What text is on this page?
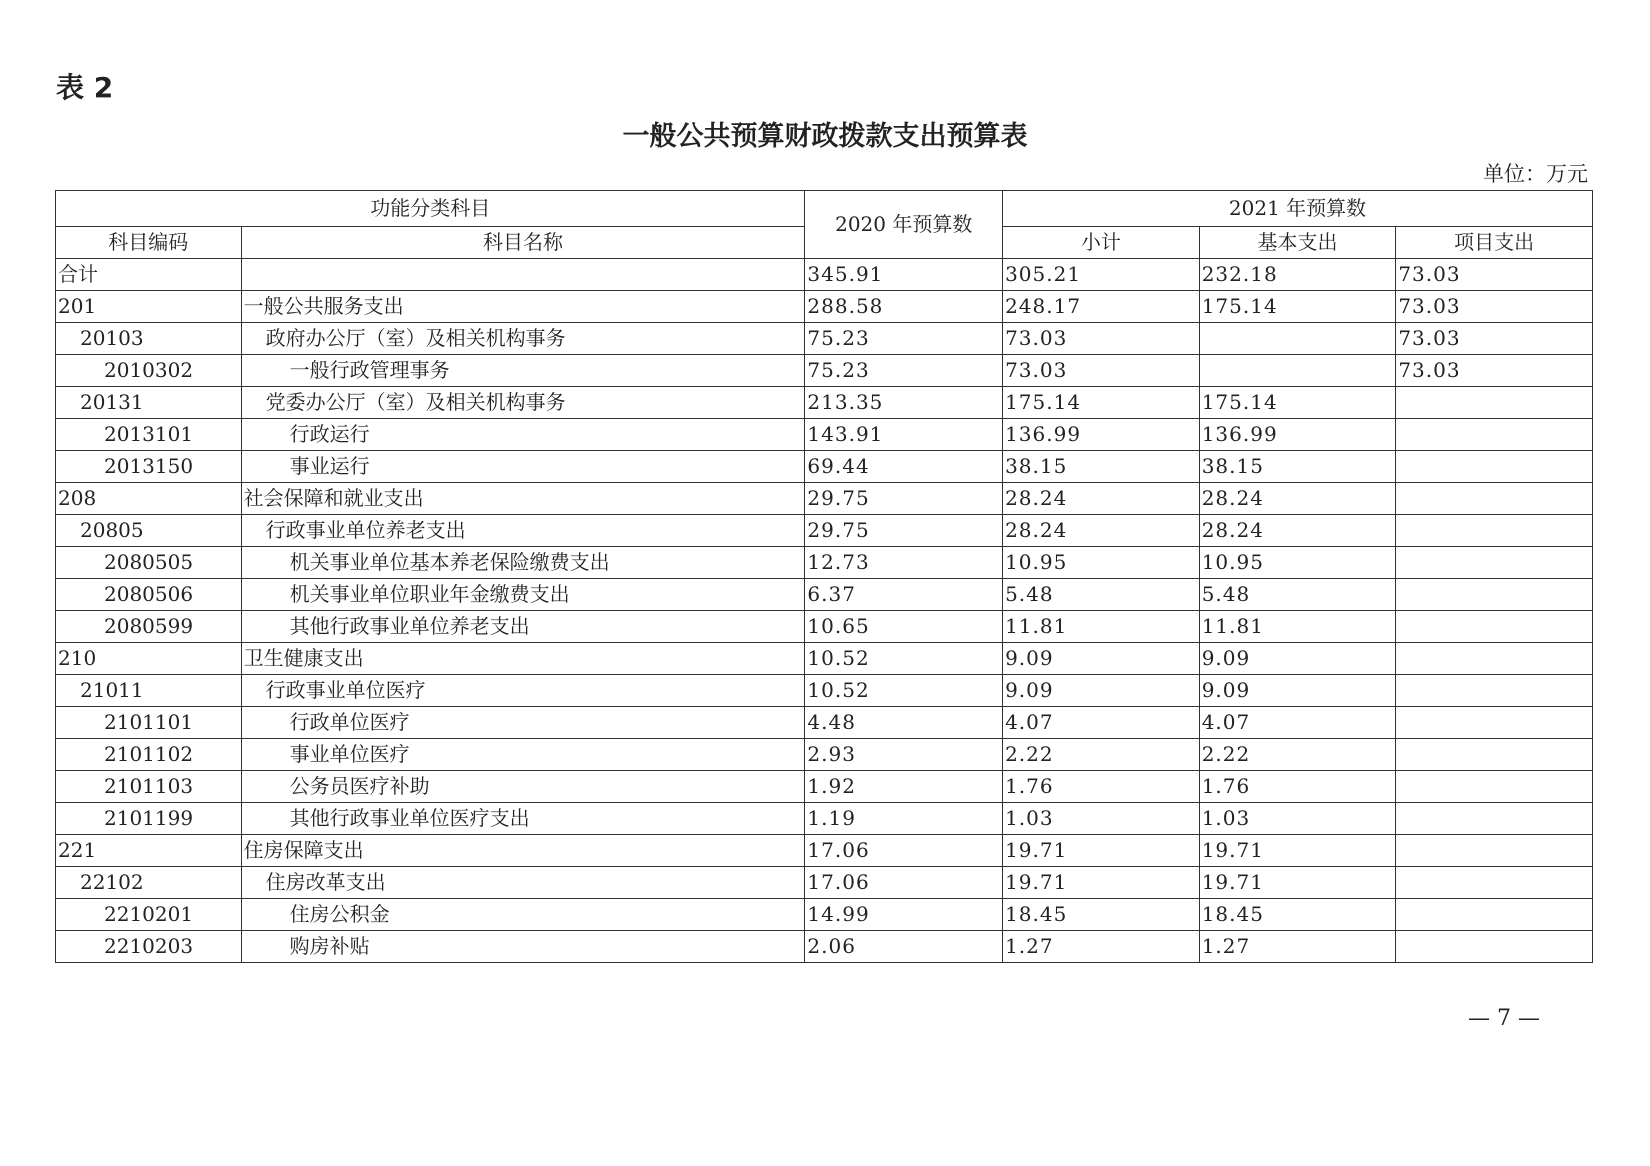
表 2
一般公共预算财政拨款支出预算表
单位：万元
功能分类科目		2020 年预算数	2021 年预算数		
科目编码	科目名称		小计	基本支出	项目支出
合计		345.91	305.21	232.18	73.03
201	一般公共服务支出	288.58	248.17	175.14	73.03
20103	政府办公厅（室）及相关机构事务	75.23	73.03		73.03
2010302	一般行政管理事务	75.23	73.03		73.03
20131	党委办公厅（室）及相关机构事务	213.35	175.14	175.14	
2013101	行政运行	143.91	136.99	136.99	
2013150	事业运行	69.44	38.15	38.15	
208	社会保障和就业支出	29.75	28.24	28.24	
20805	行政事业单位养老支出	29.75	28.24	28.24	
2080505	机关事业单位基本养老保险缴费支出	12.73	10.95	10.95	
2080506	机关事业单位职业年金缴费支出	6.37	5.48	5.48	
2080599	其他行政事业单位养老支出	10.65	11.81	11.81	
210	卫生健康支出	10.52	9.09	9.09	
21011	行政事业单位医疗	10.52	9.09	9.09	
2101101	行政单位医疗	4.48	4.07	4.07	
2101102	事业单位医疗	2.93	2.22	2.22	
2101103	公务员医疗补助	1.92	1.76	1.76	
2101199	其他行政事业单位医疗支出	1.19	1.03	1.03	
221	住房保障支出	17.06	19.71	19.71	
22102	住房改革支出	17.06	19.71	19.71	
2210201	住房公积金	14.99	18.45	18.45	
2210203	购房补贴	2.06	1.27	1.27	
— 7 —
